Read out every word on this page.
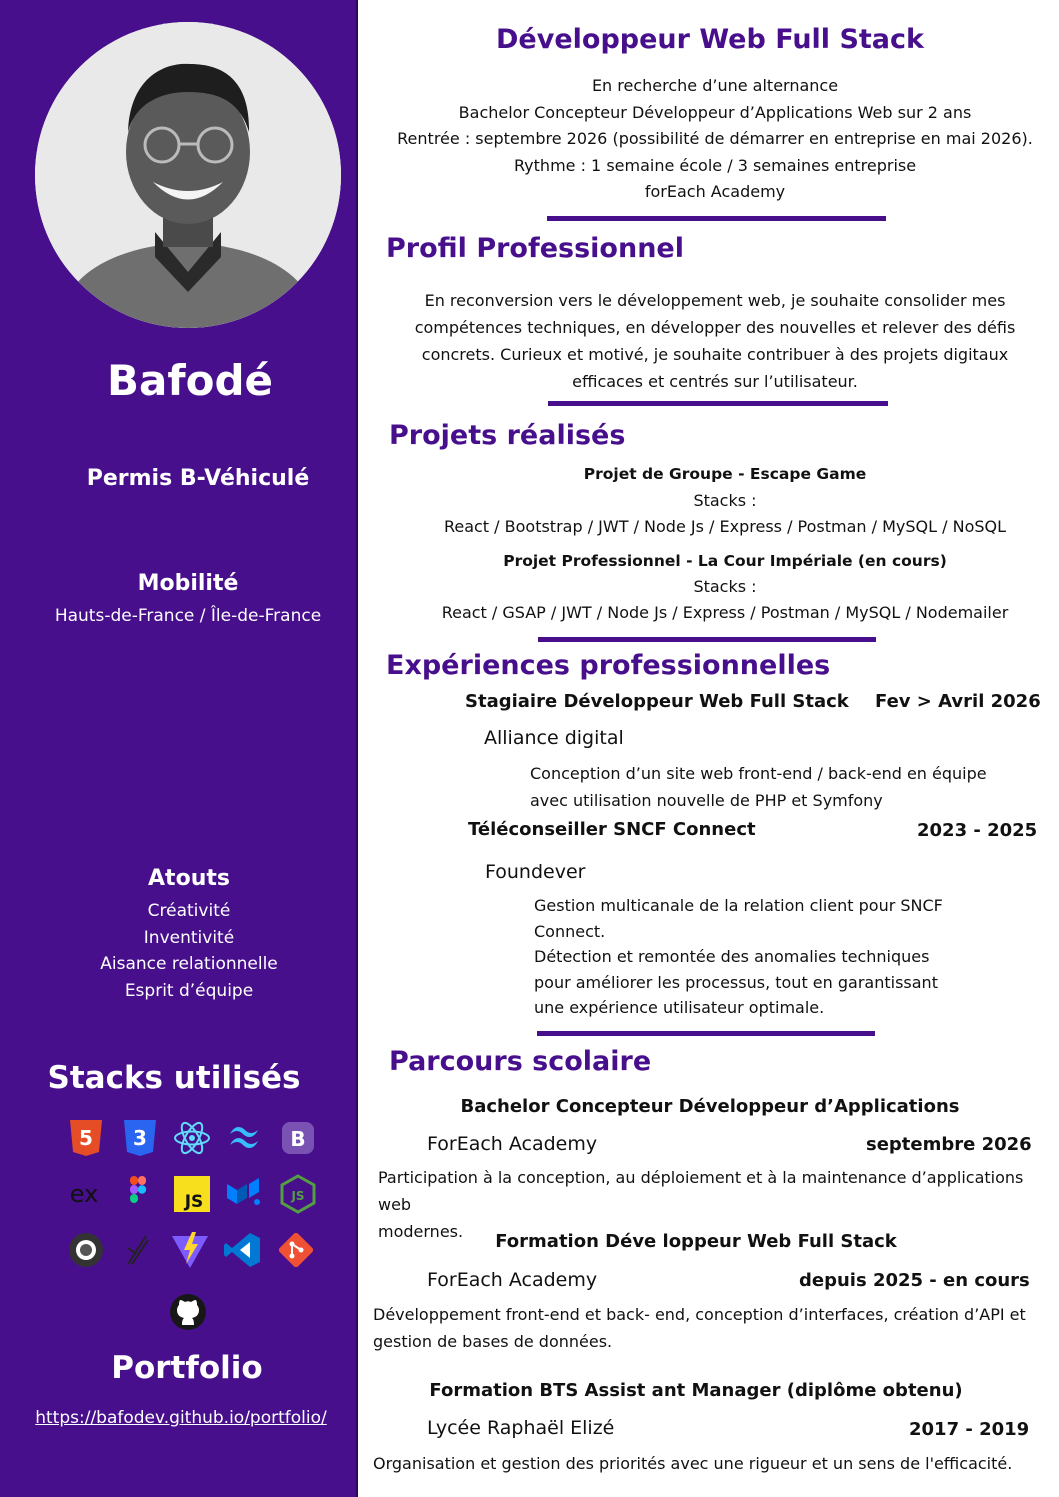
Bafodé
Permis B-Véhiculé
Mobilité
Hauts-de-France / Île-de-France
Atouts
Créativité
Inventivité
Aisance relationnelle
Esprit d’équipe
Stacks utilisés
5 3	B
ex	JS	JS
Portfolio
https://bafodev.github.io/portfolio/
Développeur Web Full Stack
En recherche d’une alternance
Bachelor Concepteur Développeur d’Applications Web sur 2 ans
Rentrée : septembre 2026 (possibilité de démarrer en entreprise en mai 2026).
Rythme : 1 semaine école / 3 semaines entreprise
forEach Academy
Profil Professionnel
En reconversion vers le développement web, je souhaite consolider mes
compétences techniques, en développer des nouvelles et relever des défis
concrets. Curieux et motivé, je souhaite contribuer à des projets digitaux
efficaces et centrés sur l’utilisateur.
Projets réalisés
Projet de Groupe - Escape Game
Stacks :
React / Bootstrap / JWT / Node Js / Express / Postman / MySQL / NoSQL
Projet Professionnel - La Cour Impériale (en cours)
Stacks :
React / GSAP / JWT / Node Js / Express / Postman / MySQL / Nodemailer
Expériences professionnelles
Stagiaire Développeur Web Full Stack Fev > Avril 2026
Alliance digital
Conception d’un site web front-end / back-end en équipe
avec utilisation nouvelle de PHP et Symfony
Téléconseiller SNCF Connect	2023 - 2025
Foundever
Gestion multicanale de la relation client pour SNCF
Connect.
Détection et remontée des anomalies techniques
pour améliorer les processus, tout en garantissant
une expérience utilisateur optimale.
Parcours scolaire
Bachelor Concepteur Développeur d’Applications
ForEach Academy	septembre 2026
Participation à la conception, au déploiement et à la maintenance d’applications web
modernes.	Formation Déve loppeur Web Full Stack
ForEach Academy	depuis 2025 - en cours
Développement front-end et back- end, conception d’interfaces, création d’API et
gestion de bases de données.
Formation BTS Assist ant Manager (diplôme obtenu)
Lycée Raphaël Elizé	2017 - 2019
Organisation et gestion des priorités avec une rigueur et un sens de l'efficacité.
